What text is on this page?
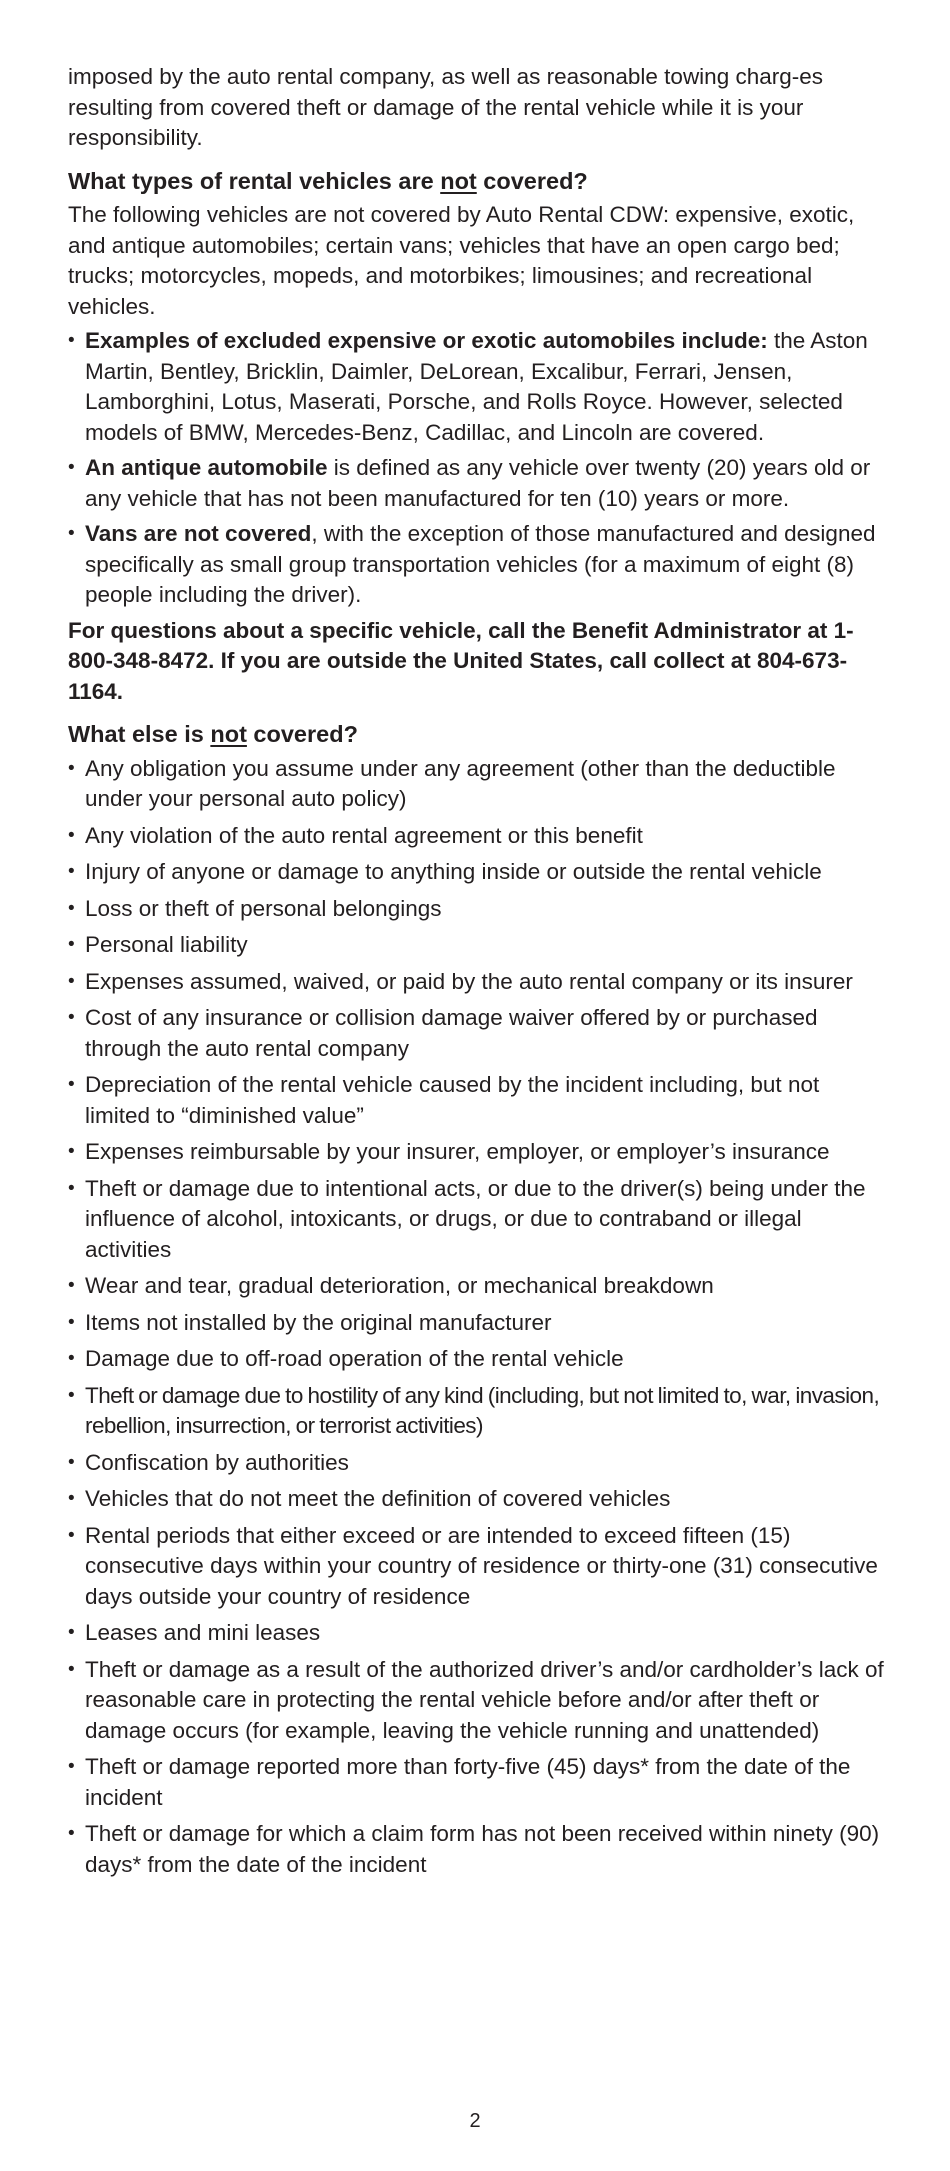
imposed by the auto rental company, as well as reasonable towing charg-es resulting from covered theft or damage of the rental vehicle while it is your responsibility.

What types of rental vehicles are not covered?

The following vehicles are not covered by Auto Rental CDW: expensive, exotic, and antique automobiles; certain vans; vehicles that have an open cargo bed; trucks; motorcycles, mopeds, and motorbikes; limousines; and recreational vehicles.

• Examples of excluded expensive or exotic automobiles include: the Aston Martin, Bentley, Bricklin, Daimler, DeLorean, Excalibur, Ferrari, Jensen, Lamborghini, Lotus, Maserati, Porsche, and Rolls Royce. However, selected models of BMW, Mercedes-Benz, Cadillac, and Lincoln are covered.
• An antique automobile is defined as any vehicle over twenty (20) years old or any vehicle that has not been manufactured for ten (10) years or more.
• Vans are not covered, with the exception of those manufactured and designed specifically as small group transportation vehicles (for a maximum of eight (8) people including the driver).

For questions about a specific vehicle, call the Benefit Administrator at 1-800-348-8472. If you are outside the United States, call collect at 804-673-1164.

What else is not covered?
• Any obligation you assume under any agreement (other than the deductible under your personal auto policy)
• Any violation of the auto rental agreement or this benefit
• Injury of anyone or damage to anything inside or outside the rental vehicle
• Loss or theft of personal belongings
• Personal liability
• Expenses assumed, waived, or paid by the auto rental company or its insurer
• Cost of any insurance or collision damage waiver offered by or purchased through the auto rental company
• Depreciation of the rental vehicle caused by the incident including, but not limited to “diminished value”
• Expenses reimbursable by your insurer, employer, or employer’s insurance
• Theft or damage due to intentional acts, or due to the driver(s) being under the influence of alcohol, intoxicants, or drugs, or due to contraband or illegal activities
• Wear and tear, gradual deterioration, or mechanical breakdown
• Items not installed by the original manufacturer
• Damage due to off-road operation of the rental vehicle
• Theft or damage due to hostility of any kind (including, but not limited to, war, invasion, rebellion, insurrection, or terrorist activities)
• Confiscation by authorities
• Vehicles that do not meet the definition of covered vehicles
• Rental periods that either exceed or are intended to exceed fifteen (15) consecutive days within your country of residence or thirty-one (31) consecutive days outside your country of residence
• Leases and mini leases
• Theft or damage as a result of the authorized driver’s and/or cardholder’s lack of reasonable care in protecting the rental vehicle before and/or after theft or damage occurs (for example, leaving the vehicle running and unattended)
• Theft or damage reported more than forty-five (45) days* from the date of the incident
• Theft or damage for which a claim form has not been received within ninety (90) days* from the date of the incident
2
